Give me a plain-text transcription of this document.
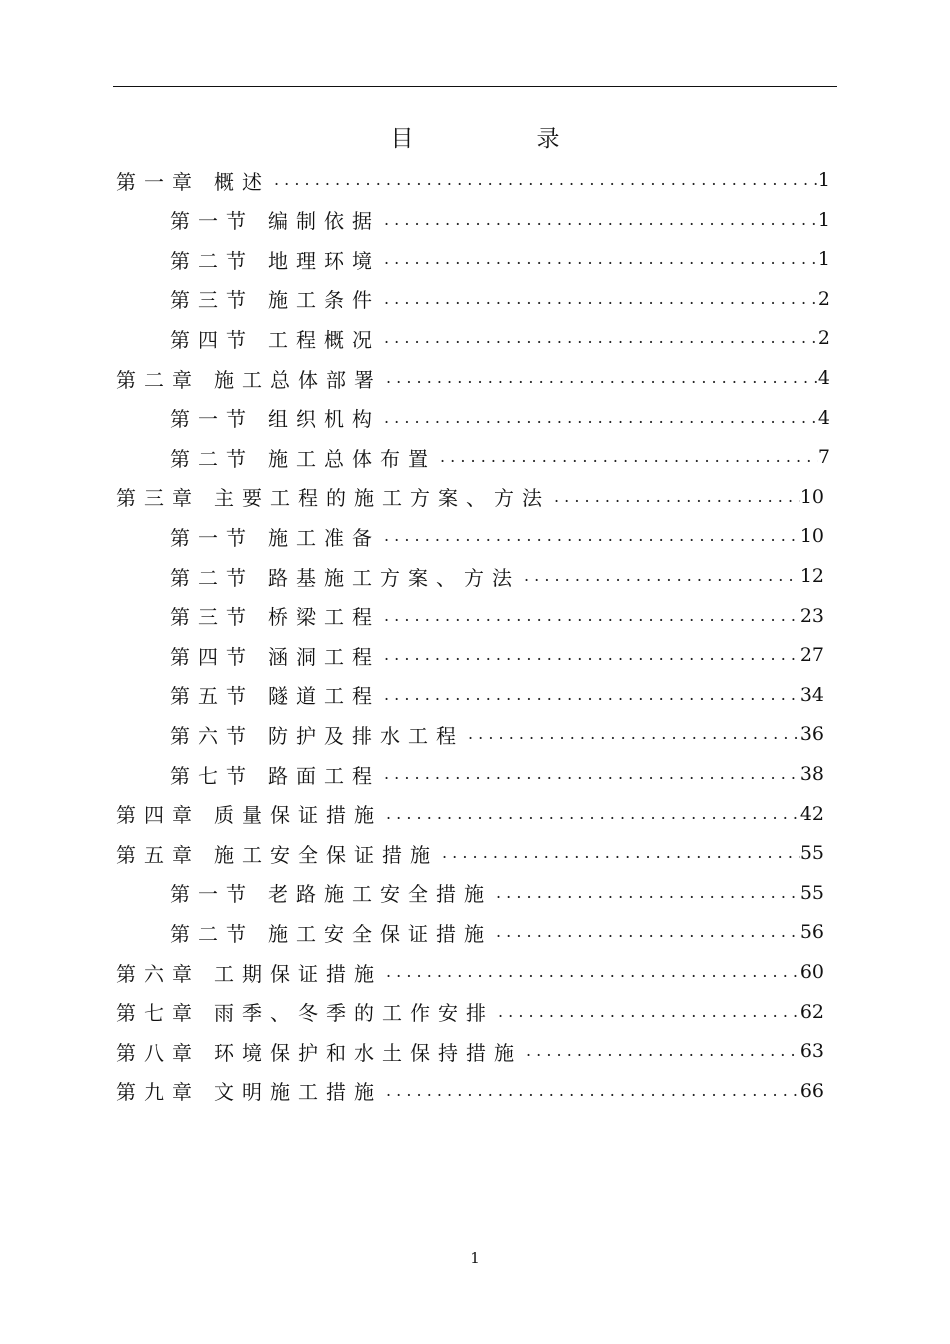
目　录
第一章 概述 . . .	1
第一节 编制依据 . . .	1
第二节 地理环境 . . .	1
第三节 施工条件 . . .	2
第四节 工程概况 . . .	2
第二章 施工总体部署 . . .	4
第一节 组织机构 . . .	4
第二节 施工总体布置 . . .	7
第三章 主要工程的施工方案、方法 . . .	10
第一节 施工准备 . . .	10
第二节 路基施工方案、方法 . . .	12
第三节 桥梁工程 . . .	23
第四节 涵洞工程 . . .	27
第五节 隧道工程 . . .	34
第六节 防护及排水工程 . . .	36
第七节 路面工程 . . .	38
第四章 质量保证措施 . . .	42
第五章 施工安全保证措施 . . .	55
第一节 老路施工安全措施 . . .	55
第二节 施工安全保证措施 . . .	56
第六章 工期保证措施 . . .	60
第七章 雨季、冬季的工作安排 . . .	62
第八章 环境保护和水土保持措施 . . .	63
第九章 文明施工措施 . . .	66
1
